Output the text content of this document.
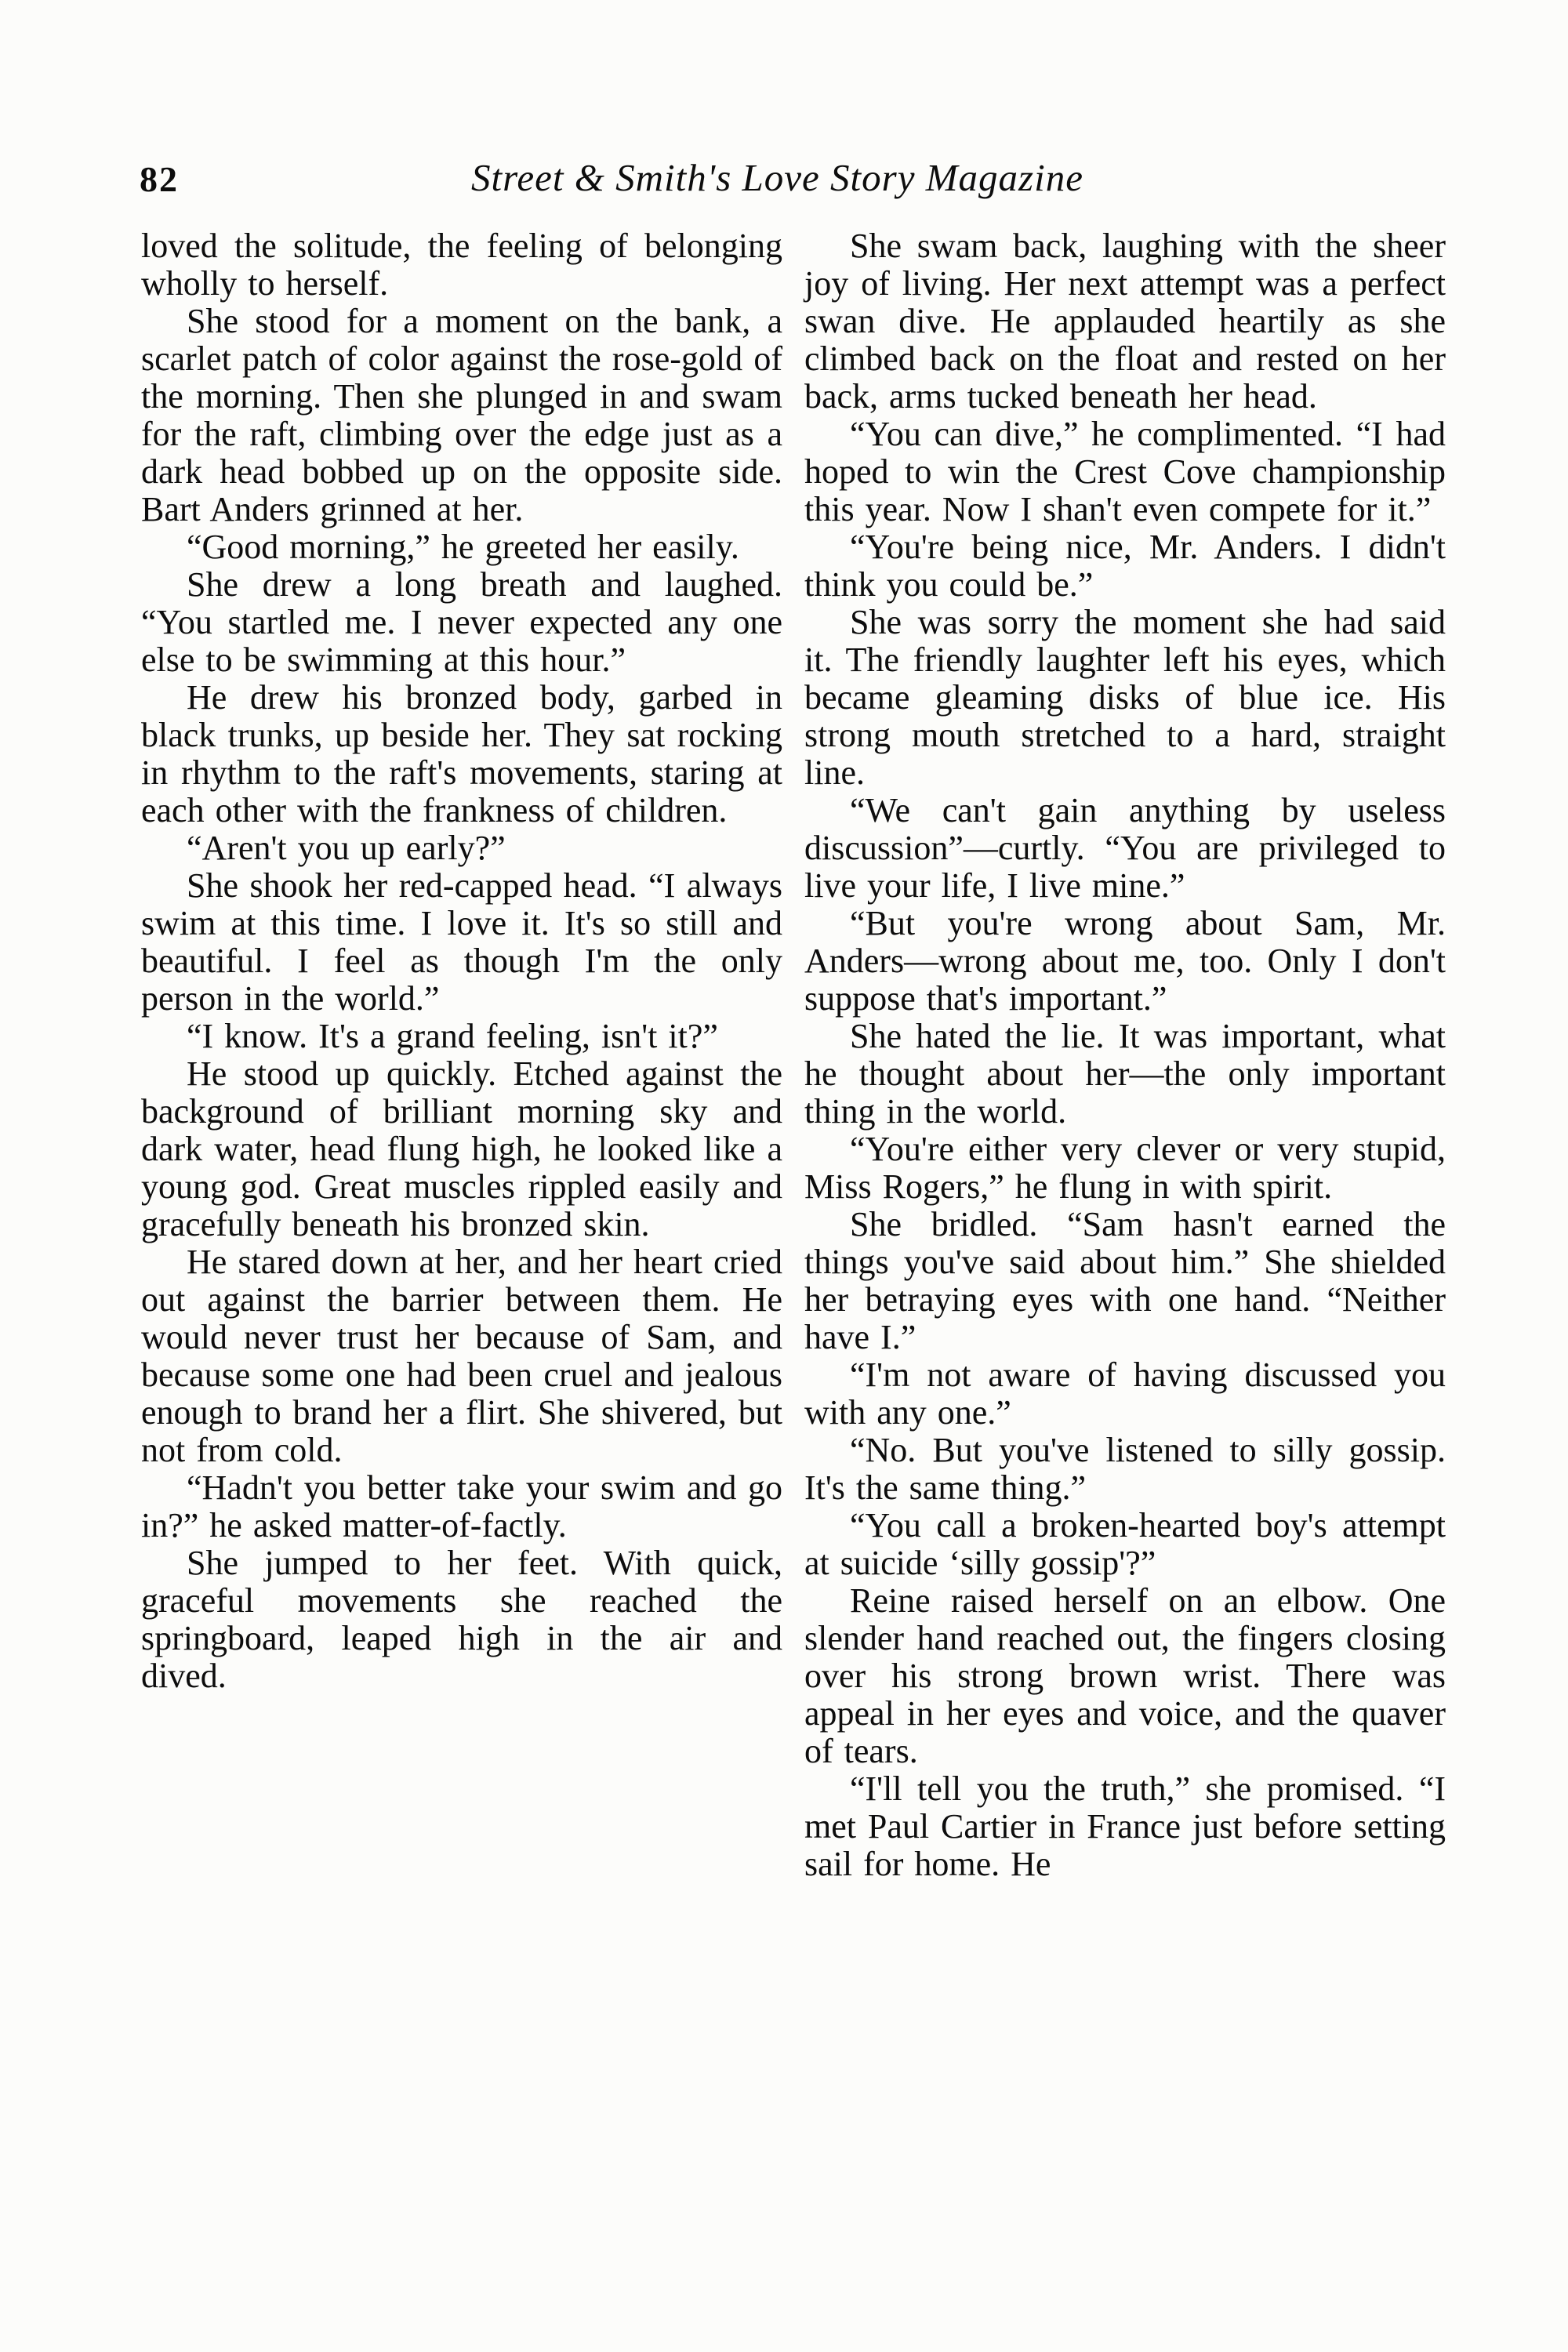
82	Street & Smith's Love Story Magazine

loved the solitude, the feeling of belonging wholly to herself.

She stood for a moment on the bank, a scarlet patch of color against the rose-gold of the morning. Then she plunged in and swam for the raft, climbing over the edge just as a dark head bobbed up on the opposite side. Bart Anders grinned at her.

“Good morning,” he greeted her easily.

She drew a long breath and laughed. “You startled me. I never expected any one else to be swimming at this hour.”

He drew his bronzed body, garbed in black trunks, up beside her. They sat rocking in rhythm to the raft's movements, staring at each other with the frankness of children.

“Aren't you up early?”

She shook her red-capped head. “I always swim at this time. I love it. It's so still and beautiful. I feel as though I'm the only person in the world.”

“I know. It's a grand feeling, isn't it?”

He stood up quickly. Etched against the background of brilliant morning sky and dark water, head flung high, he looked like a young god. Great muscles rippled easily and gracefully beneath his bronzed skin.

He stared down at her, and her heart cried out against the barrier between them. He would never trust her because of Sam, and because some one had been cruel and jealous enough to brand her a flirt. She shivered, but not from cold.

“Hadn't you better take your swim and go in?” he asked matter-of-factly.

She jumped to her feet. With quick, graceful movements she reached the springboard, leaped high in the air and dived.

She swam back, laughing with the sheer joy of living. Her next attempt was a perfect swan dive. He applauded heartily as she climbed back on the float and rested on her back, arms tucked beneath her head.

“You can dive,” he complimented. “I had hoped to win the Crest Cove championship this year. Now I shan't even compete for it.”

“You're being nice, Mr. Anders. I didn't think you could be.”

She was sorry the moment she had said it. The friendly laughter left his eyes, which became gleaming disks of blue ice. His strong mouth stretched to a hard, straight line.

“We can't gain anything by useless discussion”—curtly. “You are privileged to live your life, I live mine.”

“But you're wrong about Sam, Mr. Anders—wrong about me, too. Only I don't suppose that's important.”

She hated the lie. It was important, what he thought about her—the only important thing in the world.

“You're either very clever or very stupid, Miss Rogers,” he flung in with spirit.

She bridled. “Sam hasn't earned the things you've said about him.” She shielded her betraying eyes with one hand. “Neither have I.”

“I'm not aware of having discussed you with any one.”

“No. But you've listened to silly gossip. It's the same thing.”

“You call a broken-hearted boy's attempt at suicide ‘silly gossip'?”

Reine raised herself on an elbow. One slender hand reached out, the fingers closing over his strong brown wrist. There was appeal in her eyes and voice, and the quaver of tears.

“I'll tell you the truth,” she promised. “I met Paul Cartier in France just before setting sail for home. He
